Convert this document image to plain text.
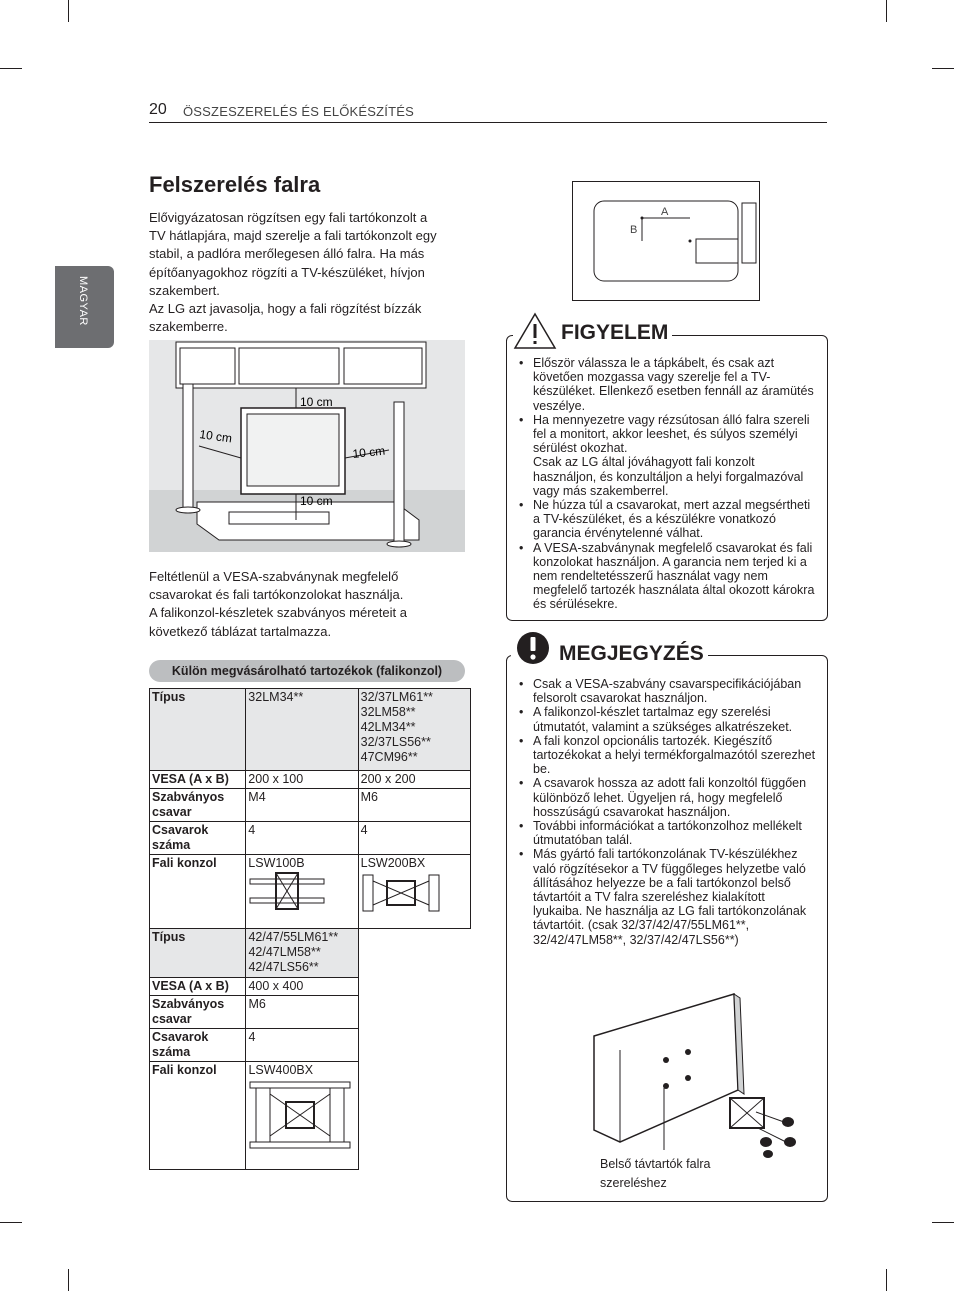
20 ÖSSZESZERELÉS ÉS ELŐKÉSZÍTÉS
MAGYAR
Felszerelés falra
Elővigyázatosan rögzítsen egy fali tartókonzolt a
TV hátlapjára, majd szerelje a fali tartókonzolt egy
stabil, a padlóra merőlegesen álló falra. Ha más
építőanyagokhoz rögzíti a TV-készüléket, hívjon
szakembert.
Az LG azt javasolja, hogy a fali rögzítést bízzák
szakemberre.
10 cm
10 cm
10 cm
10 cm
Feltétlenül a VESA-szabványnak megfelelő
csavarokat és fali tartókonzolokat használja.
A falikonzol-készletek szabványos méreteit a
következő táblázat tartalmazza.
Külön megvásárolható tartozékok (falikonzol)
Típus	32LM34**	32/37LM61**
32LM58**
42LM34**
32/37LS56**
47CM96**

VESA (A x B)	200 x 100	200 x 200
Szabványos csavar	M4	M6
Csavarok száma	4	4
Fali konzol	LSW100B	LSW200BX
Típus	42/47/55LM61**
42/47LM58**
42/47LS56**

VESA (A x B)	400 x 400
Szabványos csavar	M6
Csavarok száma	4
Fali konzol	LSW400BX
A
B
FIGYELEM
• Először válassza le a tápkábelt, és csak azt követően mozgassa vagy szerelje fel a TV-készüléket. Ellenkező esetben fennáll az áramütés veszélye.
• Ha mennyezetre vagy rézsútosan álló falra szereli fel a monitort, akkor leeshet, és súlyos személyi sérülést okozhat.
Csak az LG által jóváhagyott fali konzolt használjon, és konzultáljon a helyi forgalmazóval vagy más szakemberrel.
• Ne húzza túl a csavarokat, mert azzal megsértheti a TV-készüléket, és a készülékre vonatkozó garancia érvénytelenné válhat.
• A VESA-szabványnak megfelelő csavarokat és fali konzolokat használjon. A garancia nem terjed ki a nem rendeltetésszerű használat vagy nem megfelelő tartozék használata által okozott károkra és sérülésekre.
MEGJEGYZÉS
• Csak a VESA-szabvány csavarspecifikációjában felsorolt csavarokat használjon.
• A falikonzol-készlet tartalmaz egy szerelési útmutatót, valamint a szükséges alkatrészeket.
• A fali konzol opcionális tartozék. Kiegészítő tartozékokat a helyi termékforgalmazótól szerezhet be.
• A csavarok hossza az adott fali konzoltól függően különböző lehet. Ügyeljen rá, hogy megfelelő hosszúságú csavarokat használjon.
• További információkat a tartókonzolhoz mellékelt útmutatóban talál.
• Más gyártó fali tartókonzolának TV-készülékhez való rögzítésekor a TV függőleges helyzetbe való állításához helyezze be a fali tartókonzol belső távtartóit a TV falra szereléshez kialakított lyukaiba. Ne használja az LG fali tartókonzolának távtartóit. (csak 32/37/42/47/55LM61**, 32/42/47LM58**, 32/37/42/47LS56**)
Belső távtartók falra
szereléshez
